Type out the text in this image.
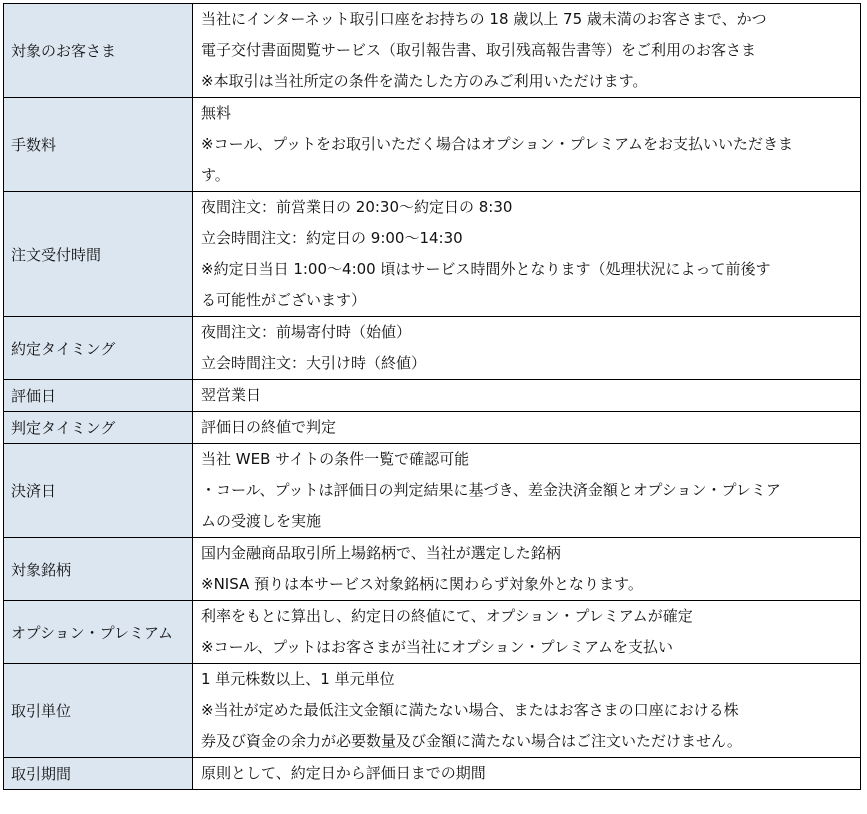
対象のお客さま	当社にインターネット取引口座をお持ちの 18 歳以上 75 歳未満のお客さまで、かつ
電子交付書面閲覧サービス（取引報告書、取引残高報告書等）をご利用のお客さま
※本取引は当社所定の条件を満たした方のみご利用いただけます。

手数料	無料
※コール、プットをお取引いただく場合はオプション・プレミアムをお支払いいただきま
す。

注文受付時間	夜間注文：前営業日の 20:30～約定日の 8:30
立会時間注文：約定日の 9:00～14:30
※約定日当日 1:00～4:00 頃はサービス時間外となります（処理状況によって前後す
る可能性がございます）

約定タイミング	夜間注文：前場寄付時（始値）
立会時間注文：大引け時（終値）

評価日	翌営業日

判定タイミング	評価日の終値で判定

決済日	当社 WEB サイトの条件一覧で確認可能
・コール、プットは評価日の判定結果に基づき、差金決済金額とオプション・プレミア
ムの受渡しを実施

対象銘柄	国内金融商品取引所上場銘柄で、当社が選定した銘柄
※NISA 預りは本サービス対象銘柄に関わらず対象外となります。

オプション・プレミアム	利率をもとに算出し、約定日の終値にて、オプション・プレミアムが確定
※コール、プットはお客さまが当社にオプション・プレミアムを支払い

取引単位	1 単元株数以上、1 単元単位
※当社が定めた最低注文金額に満たない場合、またはお客さまの口座における株
券及び資金の余力が必要数量及び金額に満たない場合はご注文いただけません。

取引期間	原則として、約定日から評価日までの期間
